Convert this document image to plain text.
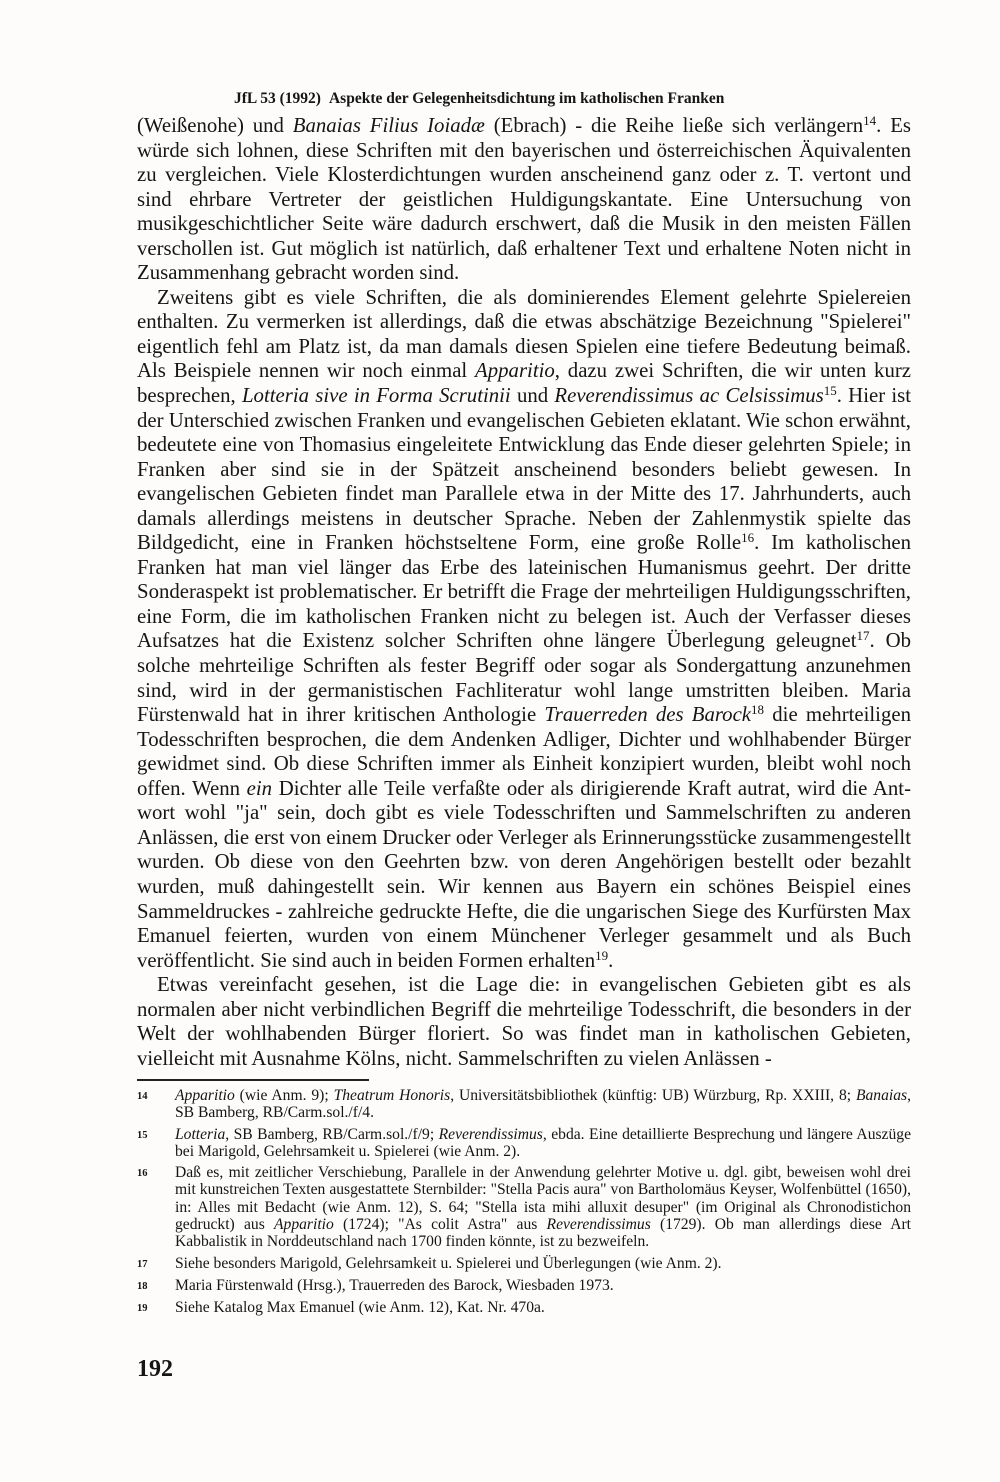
JfL 53 (1992) Aspekte der Gelegenheitsdichtung im katholischen Franken

(Weißenohe) und Banaias Filius Ioiadæ (Ebrach) - die Reihe ließe sich verlängern$^{14}$. Es würde sich lohnen, diese Schriften mit den bayerischen und österreichischen Äquivalenten zu vergleichen. Viele Klosterdichtungen wurden anscheinend ganz oder z. T. vertont und sind ehrbare Vertreter der geistlichen Huldigungskantate. Eine Untersuchung von musikgeschichtlicher Seite wäre dadurch erschwert, daß die Musik in den meisten Fällen verschollen ist. Gut möglich ist natürlich, daß erhaltener Text und erhaltene Noten nicht in Zusammenhang gebracht worden sind.

Zweitens gibt es viele Schriften, die als dominierendes Element gelehrte Spielereien enthalten. Zu vermerken ist allerdings, daß die etwas abschätzige Bezeichnung "Spielerei" eigentlich fehl am Platz ist, da man damals diesen Spielen eine tiefere Bedeutung beimaß. Als Beispiele nennen wir noch einmal Apparitio, dazu zwei Schriften, die wir unten kurz besprechen, Lotteria sive in Forma Scrutinii und Reverendissimus ac Celsissimus$^{15}$. Hier ist der Unterschied zwischen Franken und evangelischen Gebieten eklatant. Wie schon erwähnt, bedeutete eine von Thomasius eingeleitete Entwicklung das Ende dieser gelehrten Spiele; in Franken aber sind sie in der Spätzeit anscheinend besonders beliebt gewesen. In evangelischen Gebieten findet man Parallele etwa in der Mitte des 17. Jahrhunderts, auch damals allerdings meistens in deutscher Sprache. Neben der Zahlenmystik spielte das Bildgedicht, eine in Franken höchstseltene Form, eine große Rolle$^{16}$. Im katholischen Franken hat man viel länger das Erbe des lateinischen Humanismus geehrt. Der dritte Sonderaspekt ist problematischer. Er betrifft die Frage der mehrteiligen Huldigungsschriften, eine Form, die im katholischen Franken nicht zu belegen ist. Auch der Verfasser dieses Aufsatzes hat die Existenz solcher Schriften ohne längere Überlegung geleugnet$^{17}$. Ob solche mehrteilige Schriften als fester Begriff oder sogar als Sondergattung anzunehmen sind, wird in der germanistischen Fachliteratur wohl lange umstritten bleiben. Maria Fürstenwald hat in ihrer kritischen Anthologie Trauerreden des Barock$^{18}$ die mehrteiligen Todesschriften besprochen, die dem Andenken Adliger, Dichter und wohlhabender Bürger gewidmet sind. Ob diese Schriften immer als Einheit konzipiert wurden, bleibt wohl noch offen. Wenn ein Dichter alle Teile verfaßte oder als dirigierende Kraft autrat, wird die Antwort wohl "ja" sein, doch gibt es viele Todesschriften und Sammelschriften zu anderen Anlässen, die erst von einem Drucker oder Verleger als Erinnerungsstücke zusammengestellt wurden. Ob diese von den Geehrten bzw. von deren Angehörigen bestellt oder bezahlt wurden, muß dahingestellt sein. Wir kennen aus Bayern ein schönes Beispiel eines Sammeldruckes - zahlreiche gedruckte Hefte, die die ungarischen Siege des Kurfürsten Max Emanuel feierten, wurden von einem Münchener Verleger gesammelt und als Buch veröffentlicht. Sie sind auch in beiden Formen erhalten$^{19}$.

Etwas vereinfacht gesehen, ist die Lage die: in evangelischen Gebieten gibt es als normalen aber nicht verbindlichen Begriff die mehrteilige Todesschrift, die besonders in der Welt der wohlhabenden Bürger floriert. So was findet man in katholischen Gebieten, vielleicht mit Ausnahme Kölns, nicht. Sammelschriften zu vielen Anlässen -

14	Apparitio (wie Anm. 9); Theatrum Honoris, Universitätsbibliothek (künftig: UB) Würzburg, Rp. XXIII, 8; Banaias, SB Bamberg, RB/Carm.sol./f/4.
15	Lotteria, SB Bamberg, RB/Carm.sol./f/9; Reverendissimus, ebda. Eine detaillierte Besprechung und längere Auszüge bei Marigold, Gelehrsamkeit u. Spielerei (wie Anm. 2).
16	Daß es, mit zeitlicher Verschiebung, Parallele in der Anwendung gelehrter Motive u. dgl. gibt, beweisen wohl drei mit kunstreichen Texten ausgestattete Sternbilder: "Stella Pacis aura" von Bartholomäus Keyser, Wolfenbüttel (1650), in: Alles mit Bedacht (wie Anm. 12), S. 64; "Stella ista mihi alluxit desuper" (im Original als Chronodistichon gedruckt) aus Apparitio (1724); "As colit Astra" aus Reverendissimus (1729). Ob man allerdings diese Art Kabbalistik in Norddeutschland nach 1700 finden könnte, ist zu bezweifeln.
17	Siehe besonders Marigold, Gelehrsamkeit u. Spielerei und Überlegungen (wie Anm. 2).
18	Maria Fürstenwald (Hrsg.), Trauerreden des Barock, Wiesbaden 1973.
19	Siehe Katalog Max Emanuel (wie Anm. 12), Kat. Nr. 470a.
192
